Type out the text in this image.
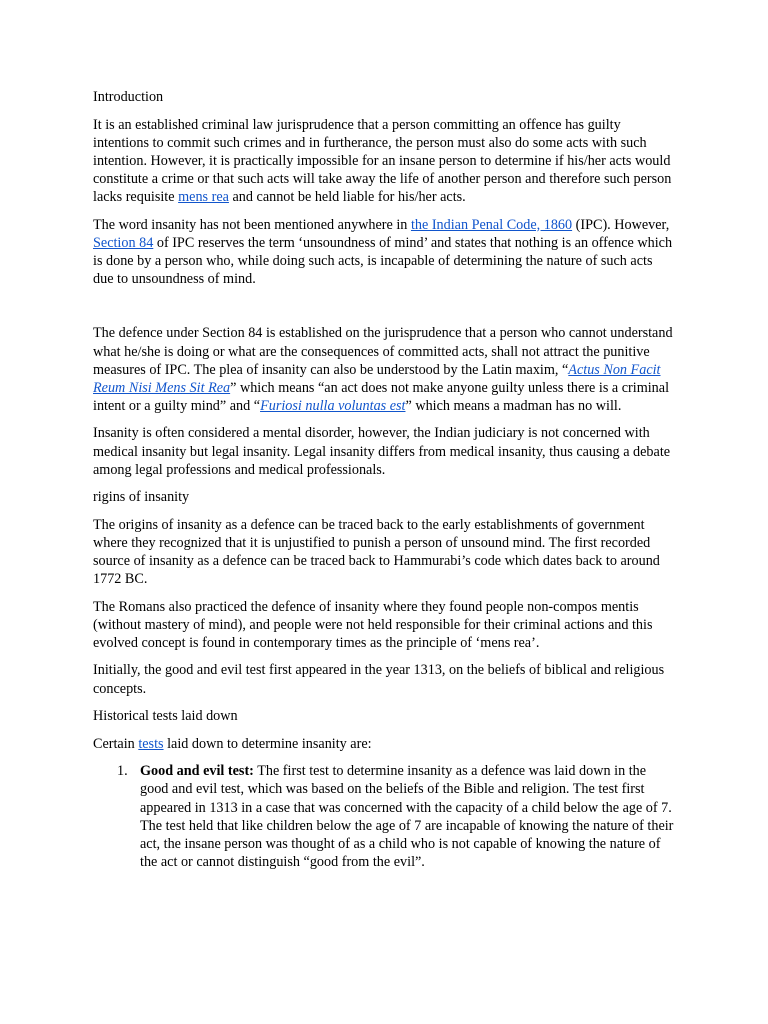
Introduction

It is an established criminal law jurisprudence that a person committing an offence has guilty intentions to commit such crimes and in furtherance, the person must also do some acts with such intention. However, it is practically impossible for an insane person to determine if his/her acts would constitute a crime or that such acts will take away the life of another person and therefore such person lacks requisite mens rea and cannot be held liable for his/her acts.

The word insanity has not been mentioned anywhere in the Indian Penal Code, 1860 (IPC). However, Section 84 of IPC reserves the term ‘unsoundness of mind’ and states that nothing is an offence which is done by a person who, while doing such acts, is incapable of determining the nature of such acts due to unsoundness of mind.

The defence under Section 84 is established on the jurisprudence that a person who cannot understand what he/she is doing or what are the consequences of committed acts, shall not attract the punitive measures of IPC. The plea of insanity can also be understood by the Latin maxim, “Actus Non Facit Reum Nisi Mens Sit Rea” which means “an act does not make anyone guilty unless there is a criminal intent or a guilty mind” and “Furiosi nulla voluntas est” which means a madman has no will.

Insanity is often considered a mental disorder, however, the Indian judiciary is not concerned with medical insanity but legal insanity. Legal insanity differs from medical insanity, thus causing a debate among legal professions and medical professionals.

rigins of insanity

The origins of insanity as a defence can be traced back to the early establishments of government where they recognized that it is unjustified to punish a person of unsound mind. The first recorded source of insanity as a defence can be traced back to Hammurabi’s code which dates back to around 1772 BC.

The Romans also practiced the defence of insanity where they found people non-compos mentis (without mastery of mind), and people were not held responsible for their criminal actions and this evolved concept is found in contemporary times as the principle of ‘mens rea’.

Initially, the good and evil test first appeared in the year 1313, on the beliefs of biblical and religious concepts.

Historical tests laid down

Certain tests laid down to determine insanity are:

1. Good and evil test: The first test to determine insanity as a defence was laid down in the good and evil test, which was based on the beliefs of the Bible and religion. The test first appeared in 1313 in a case that was concerned with the capacity of a child below the age of 7. The test held that like children below the age of 7 are incapable of knowing the nature of their act, the insane person was thought of as a child who is not capable of knowing the nature of the act or cannot distinguish “good from the evil”.
